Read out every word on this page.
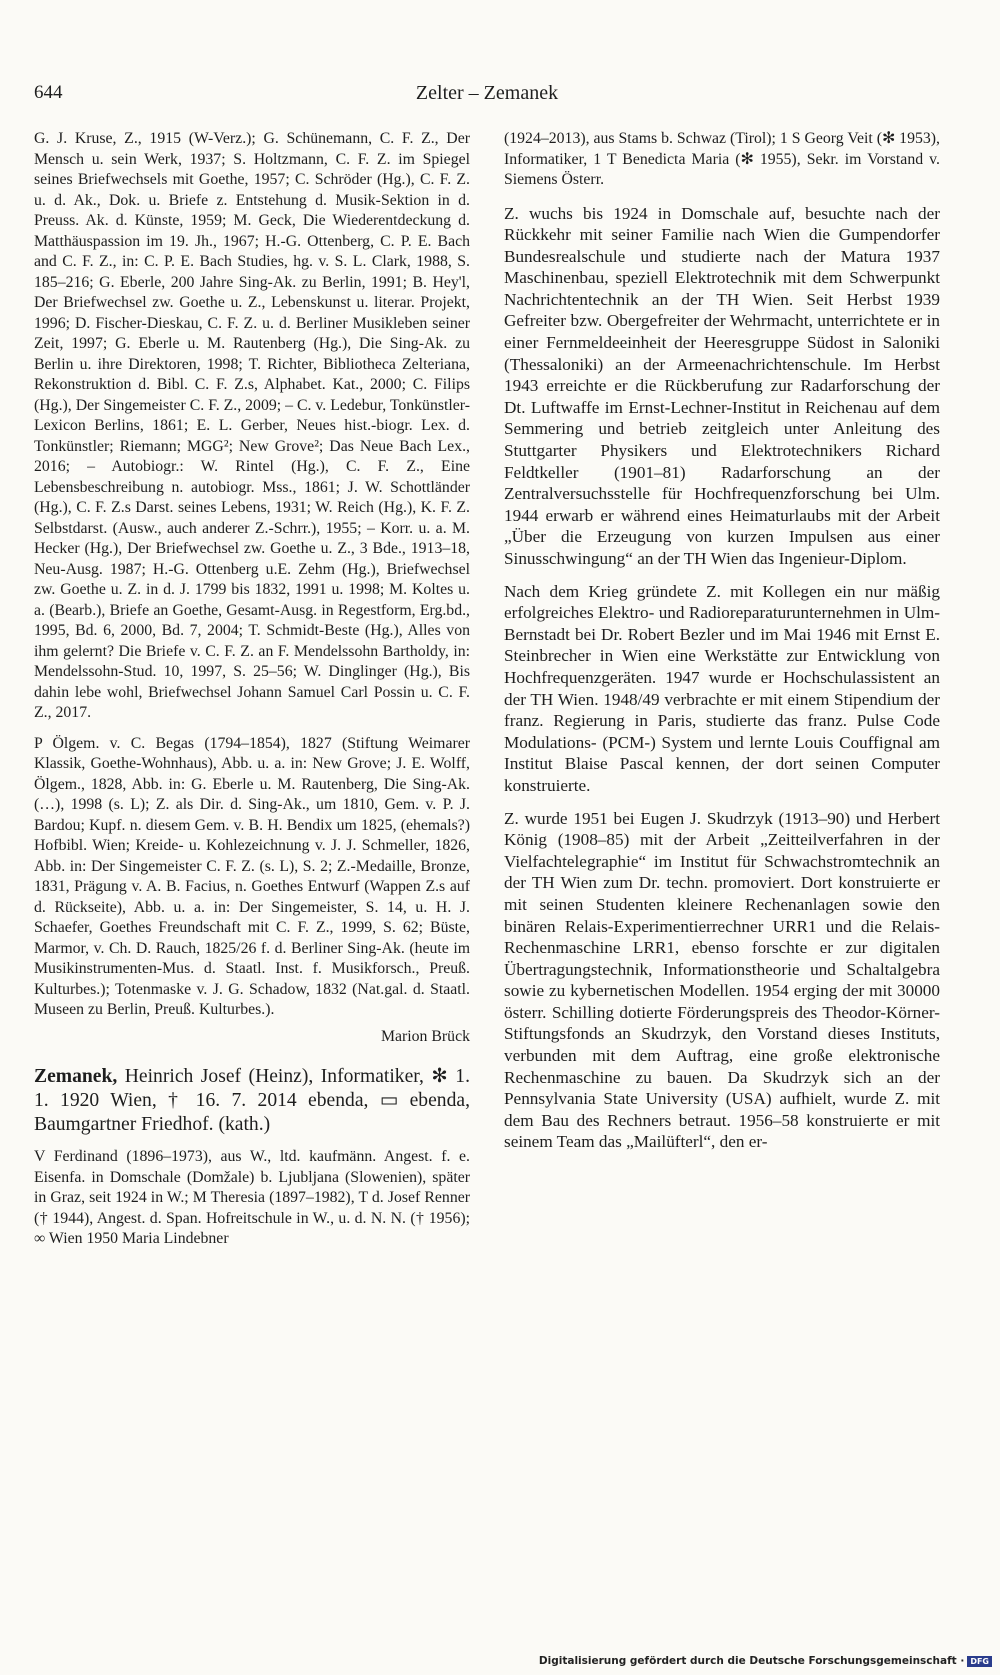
644	Zelter – Zemanek

G. J. Kruse, Z., 1915 (W-Verz.); G. Schünemann, C. F. Z., Der Mensch u. sein Werk, 1937; S. Holtzmann, C. F. Z. im Spiegel seines Briefwechsels mit Goethe, 1957; C. Schröder (Hg.), C. F. Z. u. d. Ak., Dok. u. Briefe z. Entstehung d. Musik-Sektion in d. Preuss. Ak. d. Künste, 1959; M. Geck, Die Wiederentdeckung d. Matthäuspassion im 19. Jh., 1967; H.-G. Ottenberg, C. P. E. Bach and C. F. Z., in: C. P. E. Bach Studies, hg. v. S. L. Clark, 1988, S. 185–216; G. Eberle, 200 Jahre Sing-Ak. zu Berlin, 1991; B. Hey'l, Der Briefwechsel zw. Goethe u. Z., Lebenskunst u. literar. Projekt, 1996; D. Fischer-Dieskau, C. F. Z. u. d. Berliner Musikleben seiner Zeit, 1997; G. Eberle u. M. Rautenberg (Hg.), Die Sing-Ak. zu Berlin u. ihre Direktoren, 1998; T. Richter, Bibliotheca Zelteriana, Rekonstruktion d. Bibl. C. F. Z.s, Alphabet. Kat., 2000; C. Filips (Hg.), Der Singemeister C. F. Z., 2009; – C. v. Ledebur, Tonkünstler-Lexicon Berlins, 1861; E. L. Gerber, Neues hist.-biogr. Lex. d. Tonkünstler; Riemann; MGG²; New Grove²; Das Neue Bach Lex., 2016; – Autobiogr.: W. Rintel (Hg.), C. F. Z., Eine Lebensbeschreibung n. autobiogr. Mss., 1861; J. W. Schottländer (Hg.), C. F. Z.s Darst. seines Lebens, 1931; W. Reich (Hg.), K. F. Z. Selbstdarst. (Ausw., auch anderer Z.-Schrr.), 1955; – Korr. u. a. M. Hecker (Hg.), Der Briefwechsel zw. Goethe u. Z., 3 Bde., 1913–18, Neu-Ausg. 1987; H.-G. Ottenberg u.E. Zehm (Hg.), Briefwechsel zw. Goethe u. Z. in d. J. 1799 bis 1832, 1991 u. 1998; M. Koltes u. a. (Bearb.), Briefe an Goethe, Gesamt-Ausg. in Regestform, Erg.bd., 1995, Bd. 6, 2000, Bd. 7, 2004; T. Schmidt-Beste (Hg.), Alles von ihm gelernt? Die Briefe v. C. F. Z. an F. Mendelssohn Bartholdy, in: Mendelssohn-Stud. 10, 1997, S. 25–56; W. Dinglinger (Hg.), Bis dahin lebe wohl, Briefwechsel Johann Samuel Carl Possin u. C. F. Z., 2017.

P Ölgem. v. C. Begas (1794–1854), 1827 (Stiftung Weimarer Klassik, Goethe-Wohnhaus), Abb. u. a. in: New Grove; J. E. Wolff, Ölgem., 1828, Abb. in: G. Eberle u. M. Rautenberg, Die Sing-Ak. (…), 1998 (s. L); Z. als Dir. d. Sing-Ak., um 1810, Gem. v. P. J. Bardou; Kupf. n. diesem Gem. v. B. H. Bendix um 1825, (ehemals?) Hofbibl. Wien; Kreide- u. Kohlezeichnung v. J. J. Schmeller, 1826, Abb. in: Der Singemeister C. F. Z. (s. L), S. 2; Z.-Medaille, Bronze, 1831, Prägung v. A. B. Facius, n. Goethes Entwurf (Wappen Z.s auf d. Rückseite), Abb. u. a. in: Der Singemeister, S. 14, u. H. J. Schaefer, Goethes Freundschaft mit C. F. Z., 1999, S. 62; Büste, Marmor, v. Ch. D. Rauch, 1825/26 f. d. Berliner Sing-Ak. (heute im Musikinstrumenten-Mus. d. Staatl. Inst. f. Musikforsch., Preuß. Kulturbes.); Totenmaske v. J. G. Schadow, 1832 (Nat.gal. d. Staatl. Museen zu Berlin, Preuß. Kulturbes.).

Marion Brück

Zemanek, Heinrich Josef (Heinz), Informatiker, ✻ 1. 1. 1920 Wien, † 16. 7. 2014 ebenda, ▭ ebenda, Baumgartner Friedhof. (kath.)

V Ferdinand (1896–1973), aus W., ltd. kaufmänn. Angest. f. e. Eisenfa. in Domschale (Domžale) b. Ljubljana (Slowenien), später in Graz, seit 1924 in W.; M Theresia (1897–1982), T d. Josef Renner († 1944), Angest. d. Span. Hofreitschule in W., u. d. N. N. († 1956); ∞ Wien 1950 Maria Lindebner

(1924–2013), aus Stams b. Schwaz (Tirol); 1 S Georg Veit (✻ 1953), Informatiker, 1 T Benedicta Maria (✻ 1955), Sekr. im Vorstand v. Siemens Österr.

Z. wuchs bis 1924 in Domschale auf, besuchte nach der Rückkehr mit seiner Familie nach Wien die Gumpendorfer Bundesrealschule und studierte nach der Matura 1937 Maschinenbau, speziell Elektrotechnik mit dem Schwerpunkt Nachrichtentechnik an der TH Wien. Seit Herbst 1939 Gefreiter bzw. Obergefreiter der Wehrmacht, unterrichtete er in einer Fernmeldeeinheit der Heeresgruppe Südost in Saloniki (Thessaloniki) an der Armeenachrichtenschule. Im Herbst 1943 erreichte er die Rückberufung zur Radarforschung der Dt. Luftwaffe im Ernst-Lechner-Institut in Reichenau auf dem Semmering und betrieb zeitgleich unter Anleitung des Stuttgarter Physikers und Elektrotechnikers Richard Feldtkeller (1901–81) Radarforschung an der Zentralversuchsstelle für Hochfrequenzforschung bei Ulm. 1944 erwarb er während eines Heimaturlaubs mit der Arbeit „Über die Erzeugung von kurzen Impulsen aus einer Sinusschwingung“ an der TH Wien das Ingenieur-Diplom.

Nach dem Krieg gründete Z. mit Kollegen ein nur mäßig erfolgreiches Elektro- und Radioreparaturunternehmen in Ulm-Bernstadt bei Dr. Robert Bezler und im Mai 1946 mit Ernst E. Steinbrecher in Wien eine Werkstätte zur Entwicklung von Hochfrequenzgeräten. 1947 wurde er Hochschulassistent an der TH Wien. 1948/49 verbrachte er mit einem Stipendium der franz. Regierung in Paris, studierte das franz. Pulse Code Modulations- (PCM-) System und lernte Louis Couffignal am Institut Blaise Pascal kennen, der dort seinen Computer konstruierte.

Z. wurde 1951 bei Eugen J. Skudrzyk (1913–90) und Herbert König (1908–85) mit der Arbeit „Zeitteilverfahren in der Vielfachtelegraphie“ im Institut für Schwachstromtechnik an der TH Wien zum Dr. techn. promoviert. Dort konstruierte er mit seinen Studenten kleinere Rechenanlagen sowie den binären Relais-Experimentierrechner URR1 und die Relais-Rechenmaschine LRR1, ebenso forschte er zur digitalen Übertragungstechnik, Informationstheorie und Schaltalgebra sowie zu kybernetischen Modellen. 1954 erging der mit 30000 österr. Schilling dotierte Förderungspreis des Theodor-Körner-Stiftungsfonds an Skudrzyk, den Vorstand dieses Instituts, verbunden mit dem Auftrag, eine große elektronische Rechenmaschine zu bauen. Da Skudrzyk sich an der Pennsylvania State University (USA) aufhielt, wurde Z. mit dem Bau des Rechners betraut. 1956–58 konstruierte er mit seinem Team das „Mailüfterl“, den er-

Digitalisierung gefördert durch die Deutsche Forschungsgemeinschaft · DFG
